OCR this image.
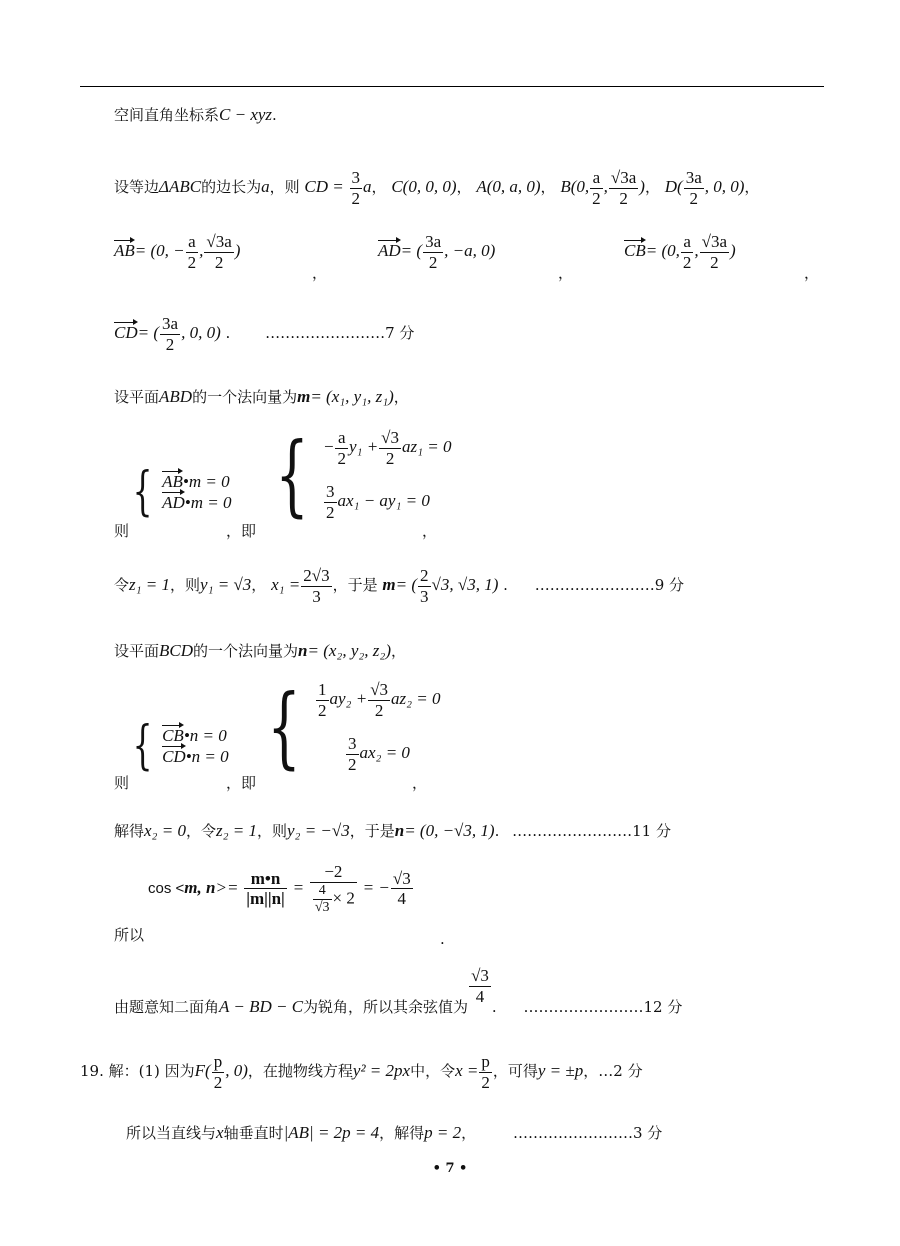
空间直角坐标系C − xyz.
设等边ΔABC的边长为a，则 CD = $\frac{3}{2}$ a， C(0, 0, 0)， A(0, a, 0)， B(0, $\frac{a}{2}$ , $\frac{√3a}{2}$ )， $D( \frac{3a}{2}$ , 0, 0)，
AB= (0, − $\frac{a}{2}$ , $\frac{√3a}{2}$ )
，
AD= ( $\frac{3a}{2}$ , −a, 0)
，
CB= (0, $\frac{a}{2}$ , $\frac{√3a}{2}$ )
，
CD= ( $\frac{3a}{2}$ , 0, 0) . ……………………7 分
设平面ABD的一个法向量为m= (x₁, y₁, z₁)，
则
{ AB•m = 0
AD•m = 0
，即
{ − $\frac{a}{2} y_1 + \frac{√3}{2} az_1 = 0$
$\frac{3}{2} ax_1 - ay_1 = 0$
，
令z₁ = 1，则y₁ = √3， $x_1 = \frac{2√3}{3}$ ，于是 m= ( $\frac{2}{3} √3$, √3, 1) . ……………………9 分
设平面BCD的一个法向量为n= (x₂, y₂, z₂)，
则
{ CB•n = 0
CD•n = 0
，即
{ $\frac{1}{2} ay_2 + \frac{√3}{2} az_2 = 0$
$\frac{3}{2} ax_2 = 0$
，
解得x₂ = 0，令z₂ = 1，则y₂ = −√3，于是n= (0, −√3, 1). ……………………11 分
cos <m, $n>= \frac{m•n}{|m||n|} = \frac{-2}{\frac{4}{√3} \times 2}$ = − $\frac{√3}{4}$
所以	.
由题意知二面角A − BD − C为锐角，所以其余弦值为
$\frac{√3}{4}$
. ……………………12 分
19. 解：(1) 因为$F( \frac{p}{2}$ , 0)，在抛物线方程y² = 2px中，令$x = \frac{p}{2}$ ，可得y = ±p，…2 分
所以当直线与x轴垂直时|AB| = 2p = 4，解得p = 2， ……………………3 分
• 7 •
